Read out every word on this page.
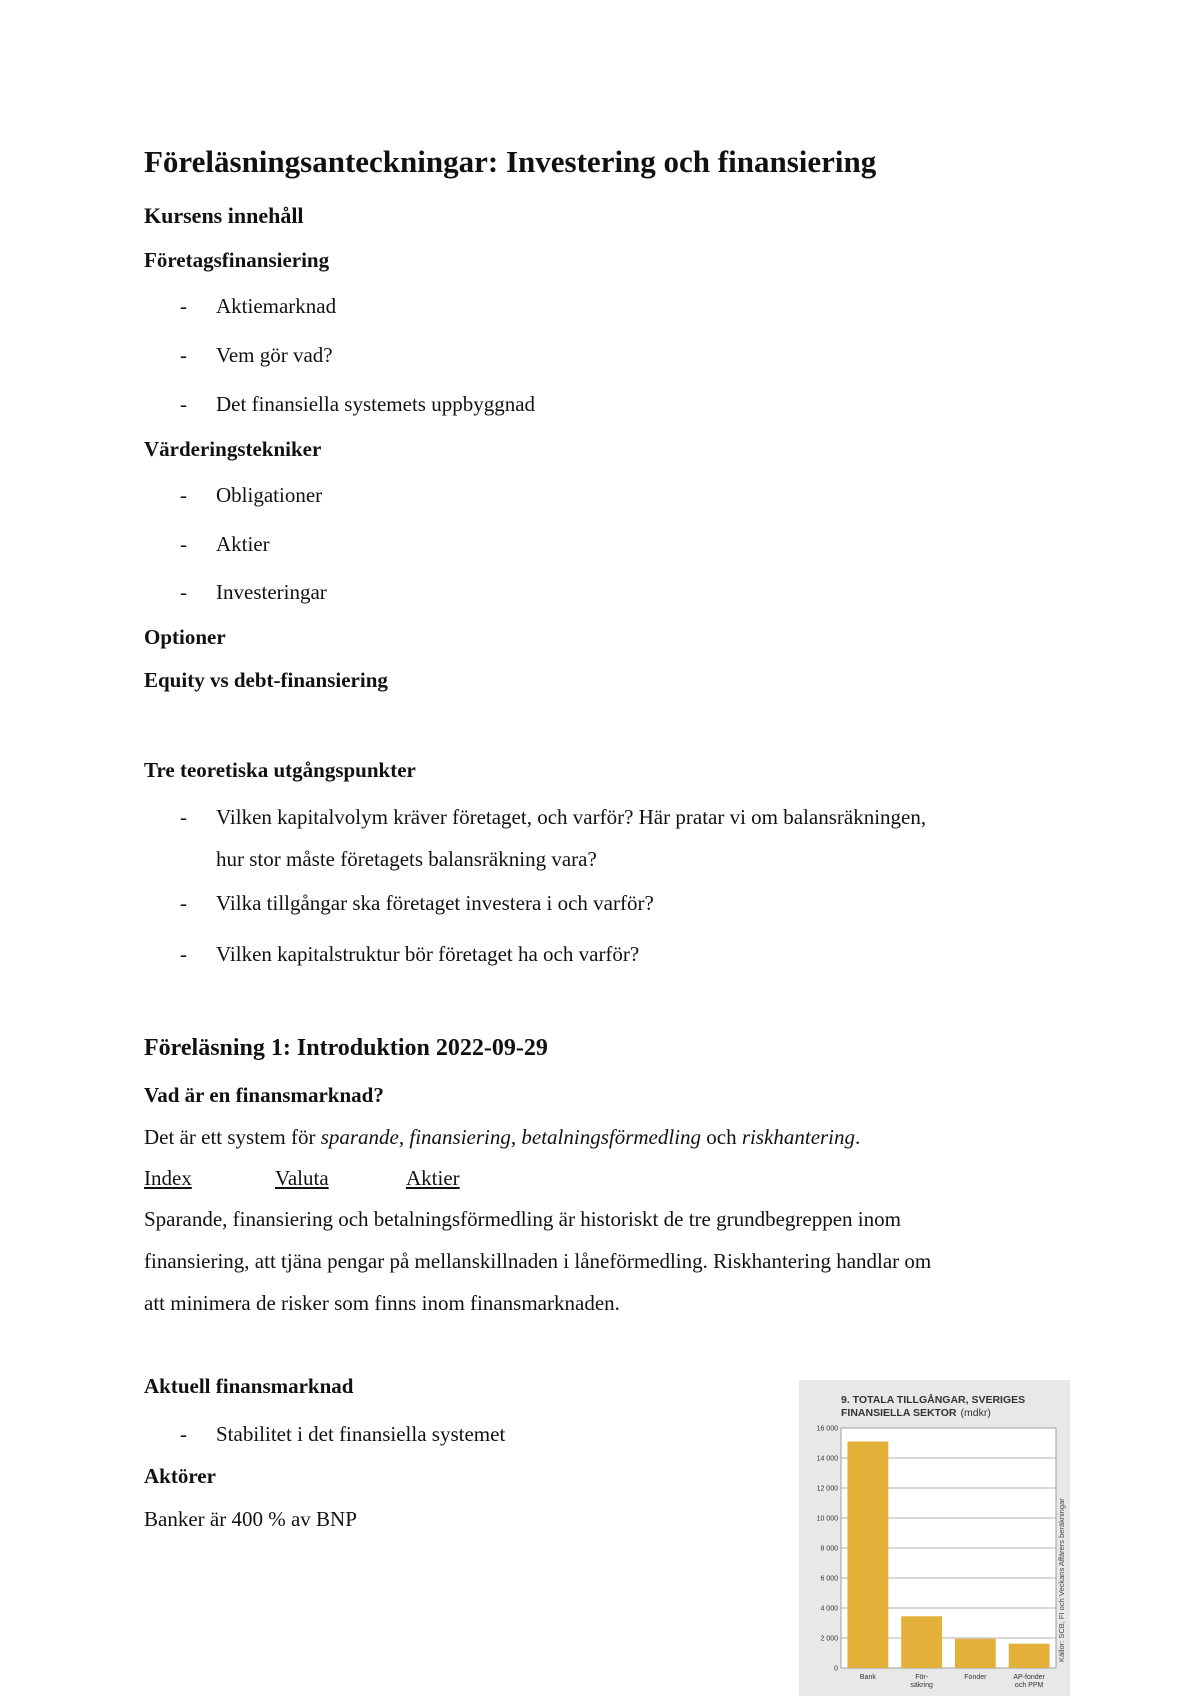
Föreläsningsanteckningar: Investering och finansiering
Kursens innehåll
Företagsfinansiering
- Aktiemarknad
- Vem gör vad?
- Det finansiella systemets uppbyggnad
Värderingstekniker
- Obligationer
- Aktier
- Investeringar
Optioner
Equity vs debt-finansiering
Tre teoretiska utgångspunkter
- Vilken kapitalvolym kräver företaget, och varför? Här pratar vi om balansräkningen,
hur stor måste företagets balansräkning vara?
- Vilka tillgångar ska företaget investera i och varför?
- Vilken kapitalstruktur bör företaget ha och varför?
Föreläsning 1: Introduktion 2022-09-29
Vad är en finansmarknad?
Det är ett system för sparande, finansiering, betalningsförmedling och riskhantering.
Index	Valuta	Aktier
Sparande, finansiering och betalningsförmedling är historiskt de tre grundbegreppen inom
finansiering, att tjäna pengar på mellanskillnaden i låneförmedling. Riskhantering handlar om
att minimera de risker som finns inom finansmarknaden.
Aktuell finansmarknad
- Stabilitet i det finansiella systemet
Aktörer
Banker är 400 % av BNP
9. TOTALA TILLGÅNGAR, SVERIGES
FINANSIELLA SEKTOR (mdkr)
16 000
14 000
12 000
10 000
8 000
6 000
4 000
2 000
0
Bank	För-
säkring
Fonder	AP-fonder
och PPM
Källor: SCB, FI och Veckans Affärers beräkningar
